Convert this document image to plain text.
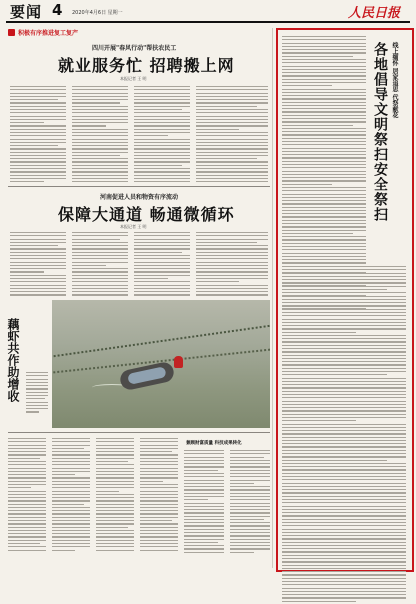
要闻 4 2020年4月6日 星期一	人民日报
积极有序推进复工复产
四川开展"春风行动"帮扶农民工
就业服务忙 招聘搬上网
本报记者 王 明
河南促进人员和物资有序流动
保障大通道 畅通微循环
本报记者 王 明
藕虾共作助增收
兼顾财富质量 科技成果转化
线上缅怀 居家追思 代祭献花
各地倡导文明祭扫安全祭扫
